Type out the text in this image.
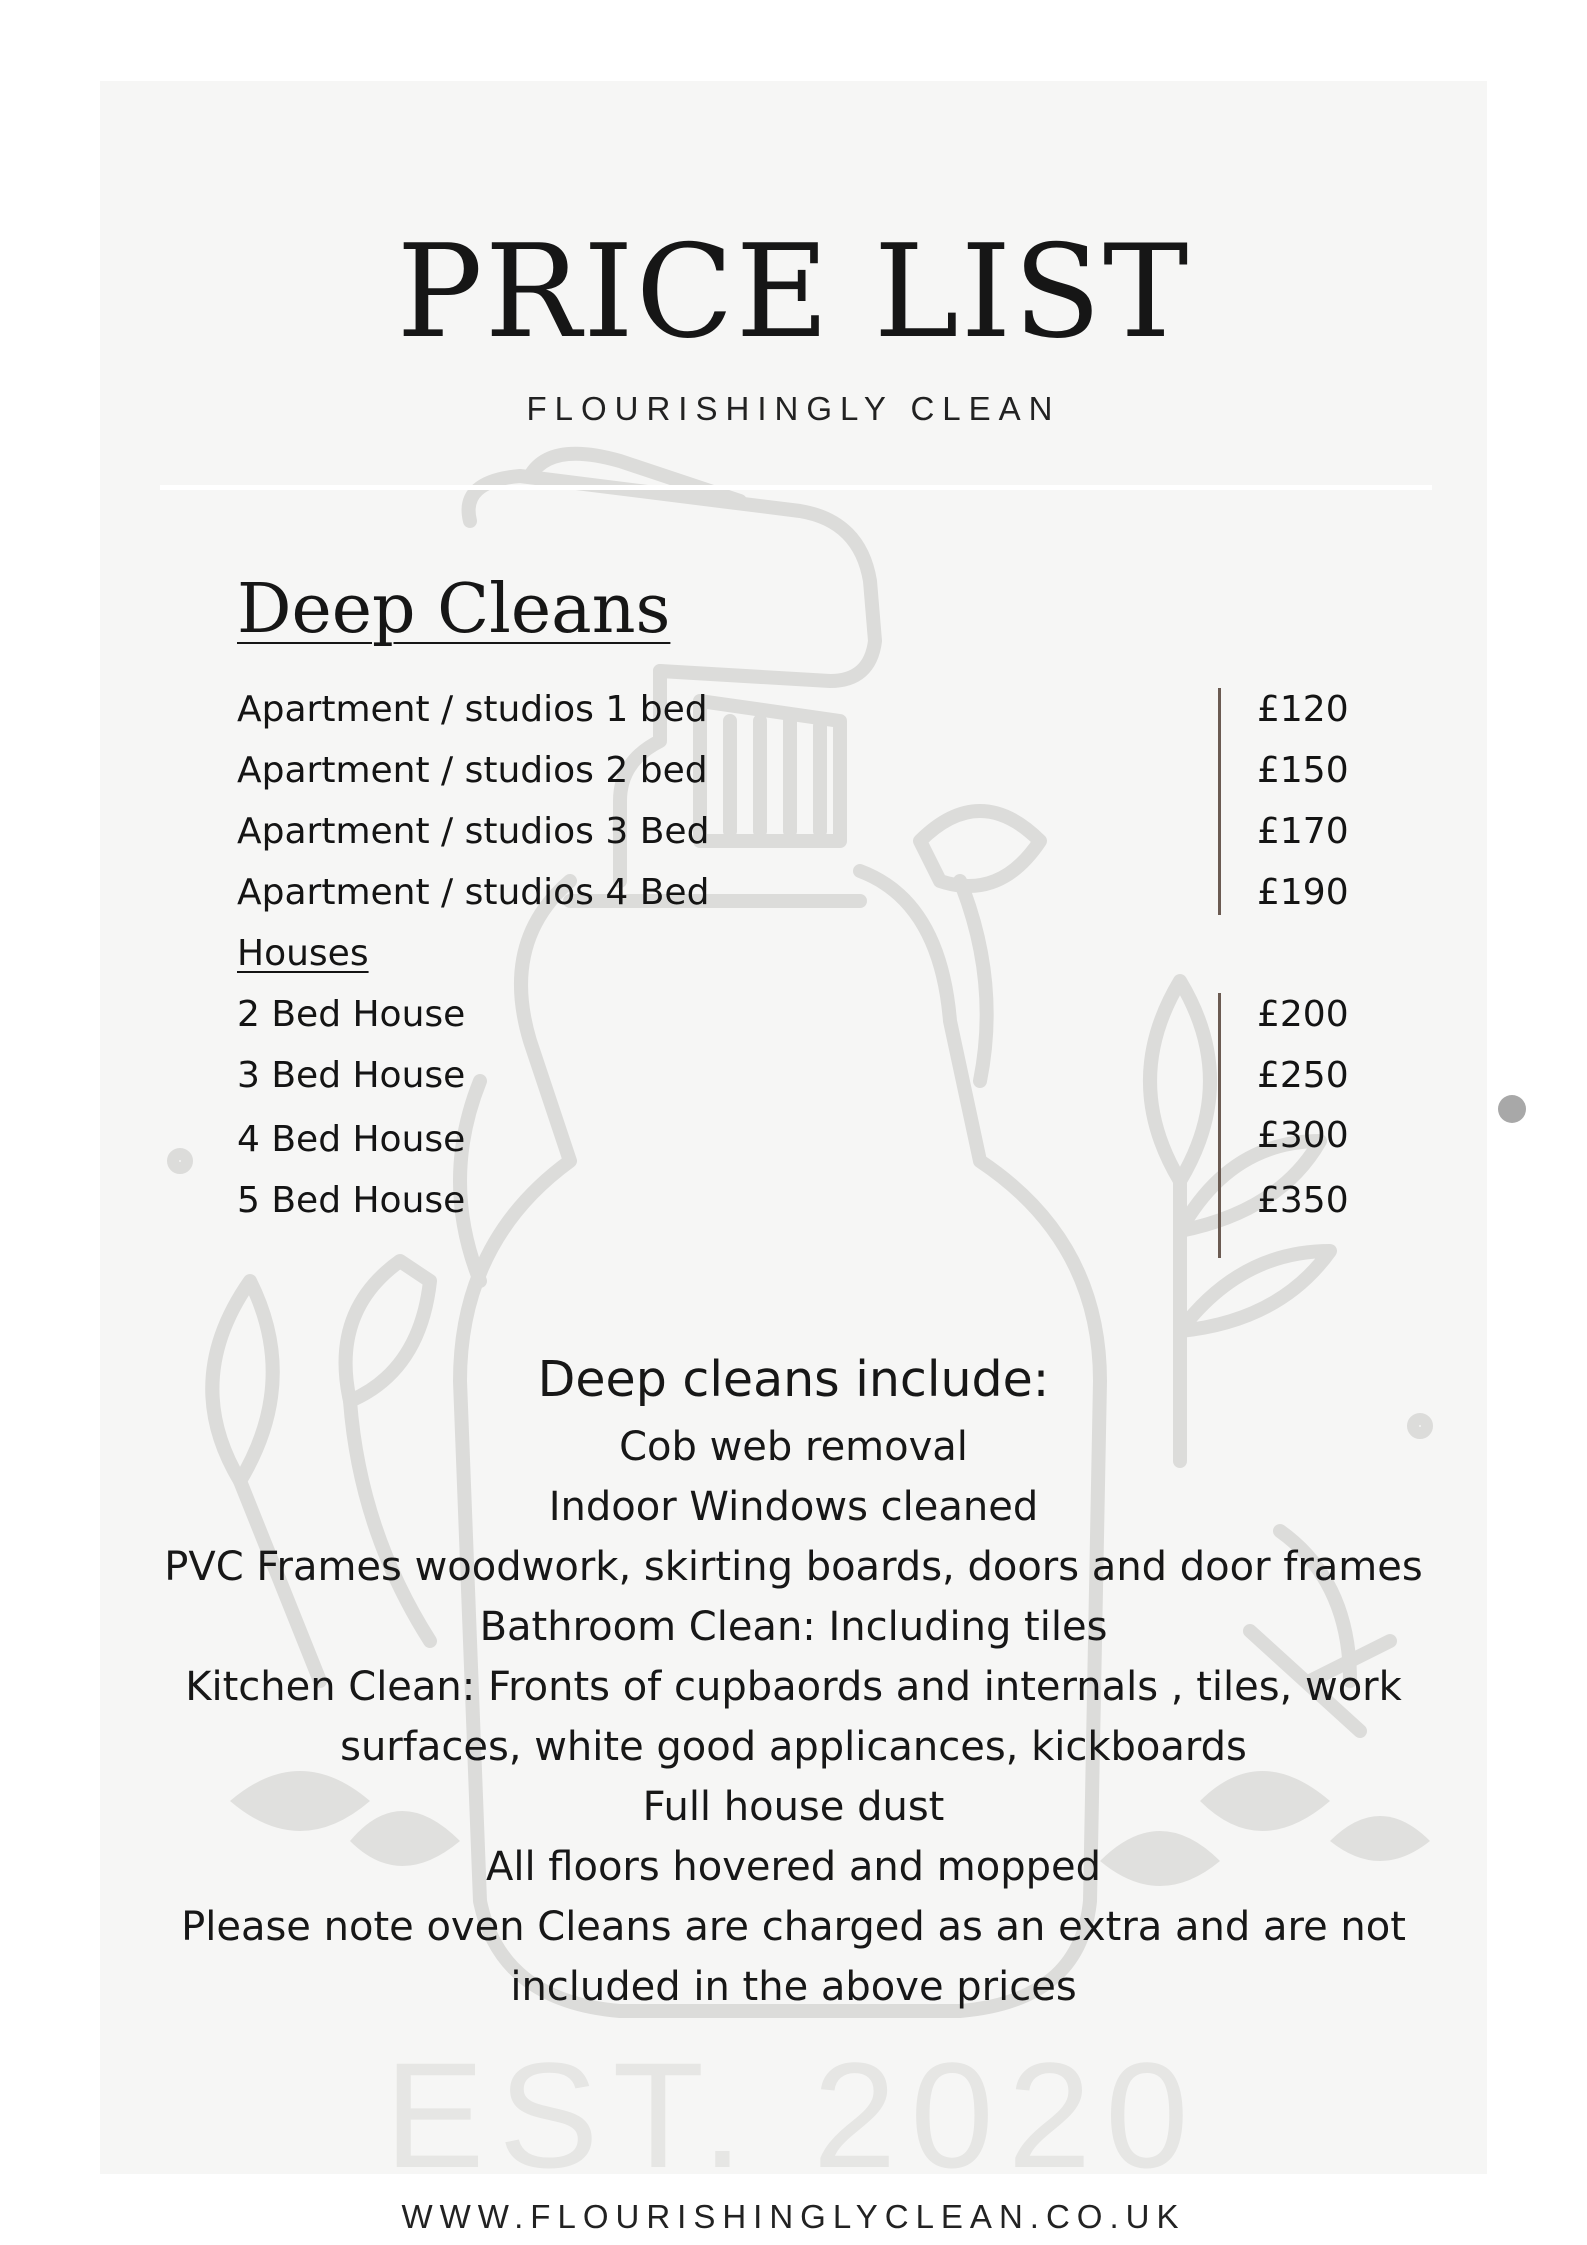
PRICE LIST
FLOURISHINGLY CLEAN
Deep Cleans
Apartment / studios 1 bed	£120
Apartment / studios 2 bed	£150
Apartment / studios 3 Bed	£170
Apartment / studios 4 Bed	£190
Houses
2 Bed House	£200
3 Bed House	£250
4 Bed House	£300
5 Bed House	£350
Deep cleans include:
Cob web removal
Indoor Windows cleaned
PVC Frames woodwork, skirting boards, doors and door frames
Bathroom Clean: Including tiles
Kitchen Clean: Fronts of cupbaords and internals , tiles, work
surfaces, white good applicances, kickboards
Full house dust
All floors hovered and mopped
Please note oven Cleans are charged as an extra and are not
included in the above prices
EST. 2020
WWW.FLOURISHINGLYCLEAN.CO.UK
